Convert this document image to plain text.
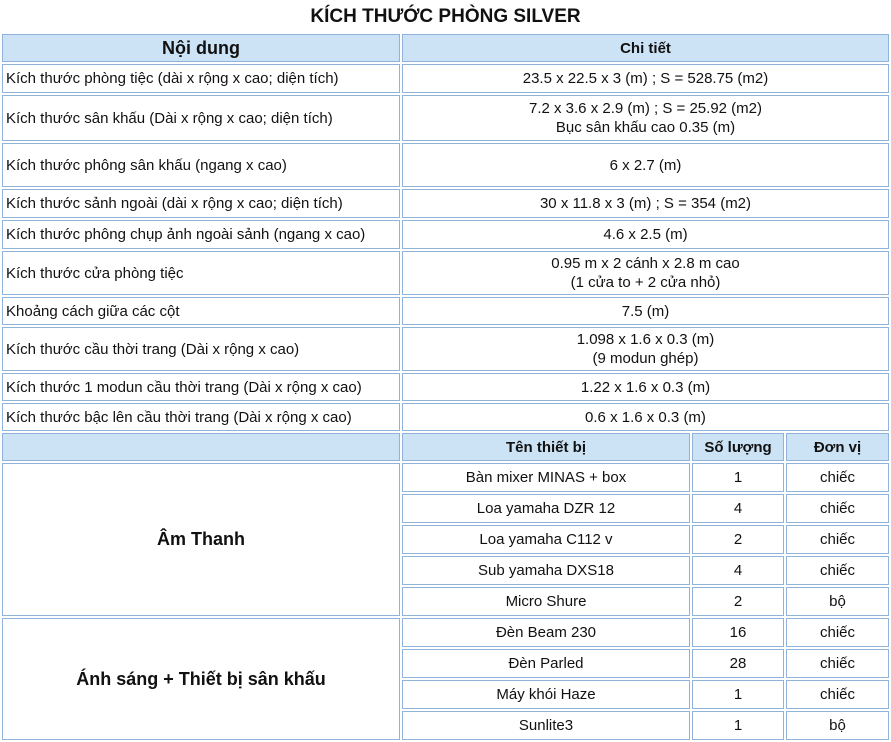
KÍCH THƯỚC PHÒNG SILVER			
Nội dung	Chi tiết		
Kích thước phòng tiệc (dài x rộng x cao; diện tích)	23.5 x 22.5 x 3 (m) ; S = 528.75 (m2)		

Kích thước sân khấu (Dài x rộng x cao; diện tích)	7.2 x 3.6 x 2.9 (m) ; S = 25.92 (m2)
Bục sân khấu cao 0.35 (m)		

Kích thước phông sân khấu (ngang x cao)	6 x 2.7 (m)		

Kích thước sảnh ngoài (dài x rộng x cao; diện tích)	30 x 11.8 x 3 (m) ; S = 354 (m2)		

Kích thước phông chụp ảnh ngoài sảnh (ngang x cao)	4.6 x 2.5 (m)		

Kích thước cửa phòng tiệc	0.95 m x 2 cánh x 2.8 m cao
(1 cửa to + 2 cửa nhỏ)		

Khoảng cách giữa các cột	7.5 (m)		

Kích thước cầu thời trang (Dài x rộng x cao)	1.098 x 1.6 x 0.3 (m)
(9 modun ghép)		

Kích thước 1 modun cầu thời trang (Dài x rộng x cao)	1.22 x 1.6 x 0.3 (m)		

Kích thước bậc lên cầu thời trang (Dài x rộng x cao)	0.6 x 1.6 x 0.3 (m)		

	Tên thiết bị	Số lượng	Đơn vị
Âm Thanh	Bàn mixer MINAS + box	1	chiếc
	Loa yamaha DZR 12	4	chiếc
	Loa yamaha C112 v	2	chiếc
	Sub yamaha DXS18	4	chiếc
	Micro Shure	2	bộ
Ánh sáng + Thiết bị sân khấu	Đèn Beam 230	16	chiếc
	Đèn Parled	28	chiếc
	Máy khói Haze	1	chiếc
	Sunlite3	1	bộ
